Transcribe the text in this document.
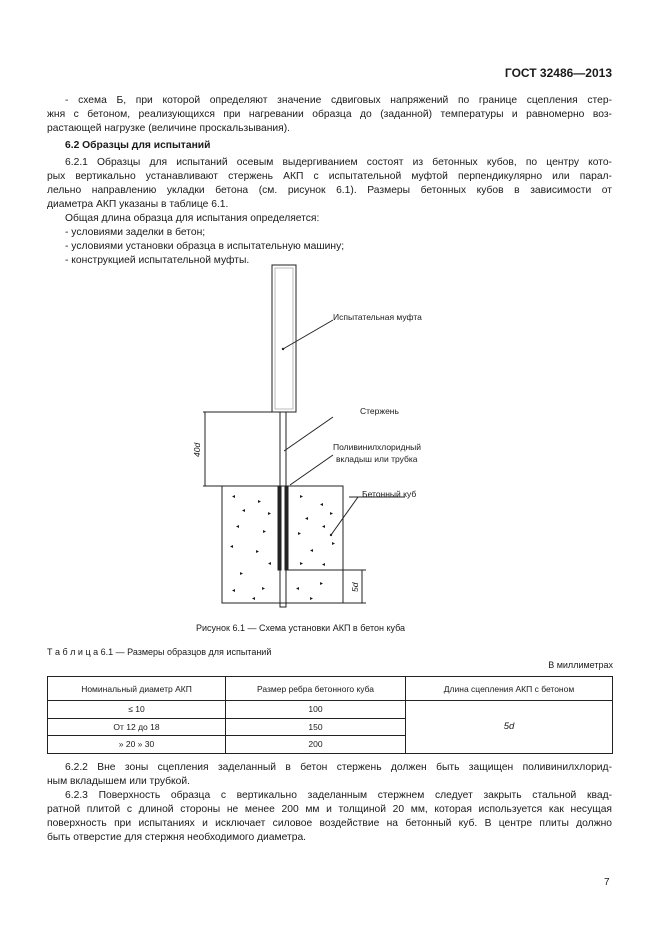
ГОСТ 32486—2013
- схема Б, при которой определяют значение сдвиговых напряжений по границе сцепления стер-
жня с бетоном, реализующихся при нагревании образца до (заданной) температуры и равномерно воз-
растающей нагрузке (величине проскальзывания).
6.2 Образцы для испытаний
6.2.1 Образцы для испытаний осевым выдергиванием состоят из бетонных кубов, по центру кото-
рых вертикально устанавливают стержень АКП с испытательной муфтой перпендикулярно или парал-
лельно направлению укладки бетона (см. рисунок 6.1). Размеры бетонных кубов в зависимости от
диаметра АКП указаны в таблице 6.1.
Общая длина образца для испытания определяется:
- условиями заделки в бетон;
- условиями установки образца в испытательную машину;
- конструкцией испытательной муфты.
◂
▸
◂	▸
◂
▸
◂
▸
◂
▸
◂	▸
◂
▸
◂
◂
▸
▸
◂
◂
▸
▸	◂
◂
▸
▸
Испытательная муфта
Стержень
Поливинилхлоридный
вкладыш или трубка
Бетонный куб
40d
5d
Рисунок 6.1 — Схема установки АКП в бетон куба
Т а б л и ц а 6.1 — Размеры образцов для испытаний
В миллиметрах
Номинальный диаметр АКП	Размер ребра бетонного куба	Длина сцепления АКП с бетоном
≤ 10	100	5d
От 12 до 18	150	
» 20 » 30	200	
6.2.2 Вне зоны сцепления заделанный в бетон стержень должен быть защищен поливинилхлорид-
ным вкладышем или трубкой.
6.2.3 Поверхность образца с вертикально заделанным стержнем следует закрыть стальной квад-
ратной плитой с длиной стороны не менее 200 мм и толщиной 20 мм, которая используется как несущая
поверхность при испытаниях и исключает силовое воздействие на бетонный куб. В центре плиты должно
быть отверстие для стержня необходимого диаметра.
7
